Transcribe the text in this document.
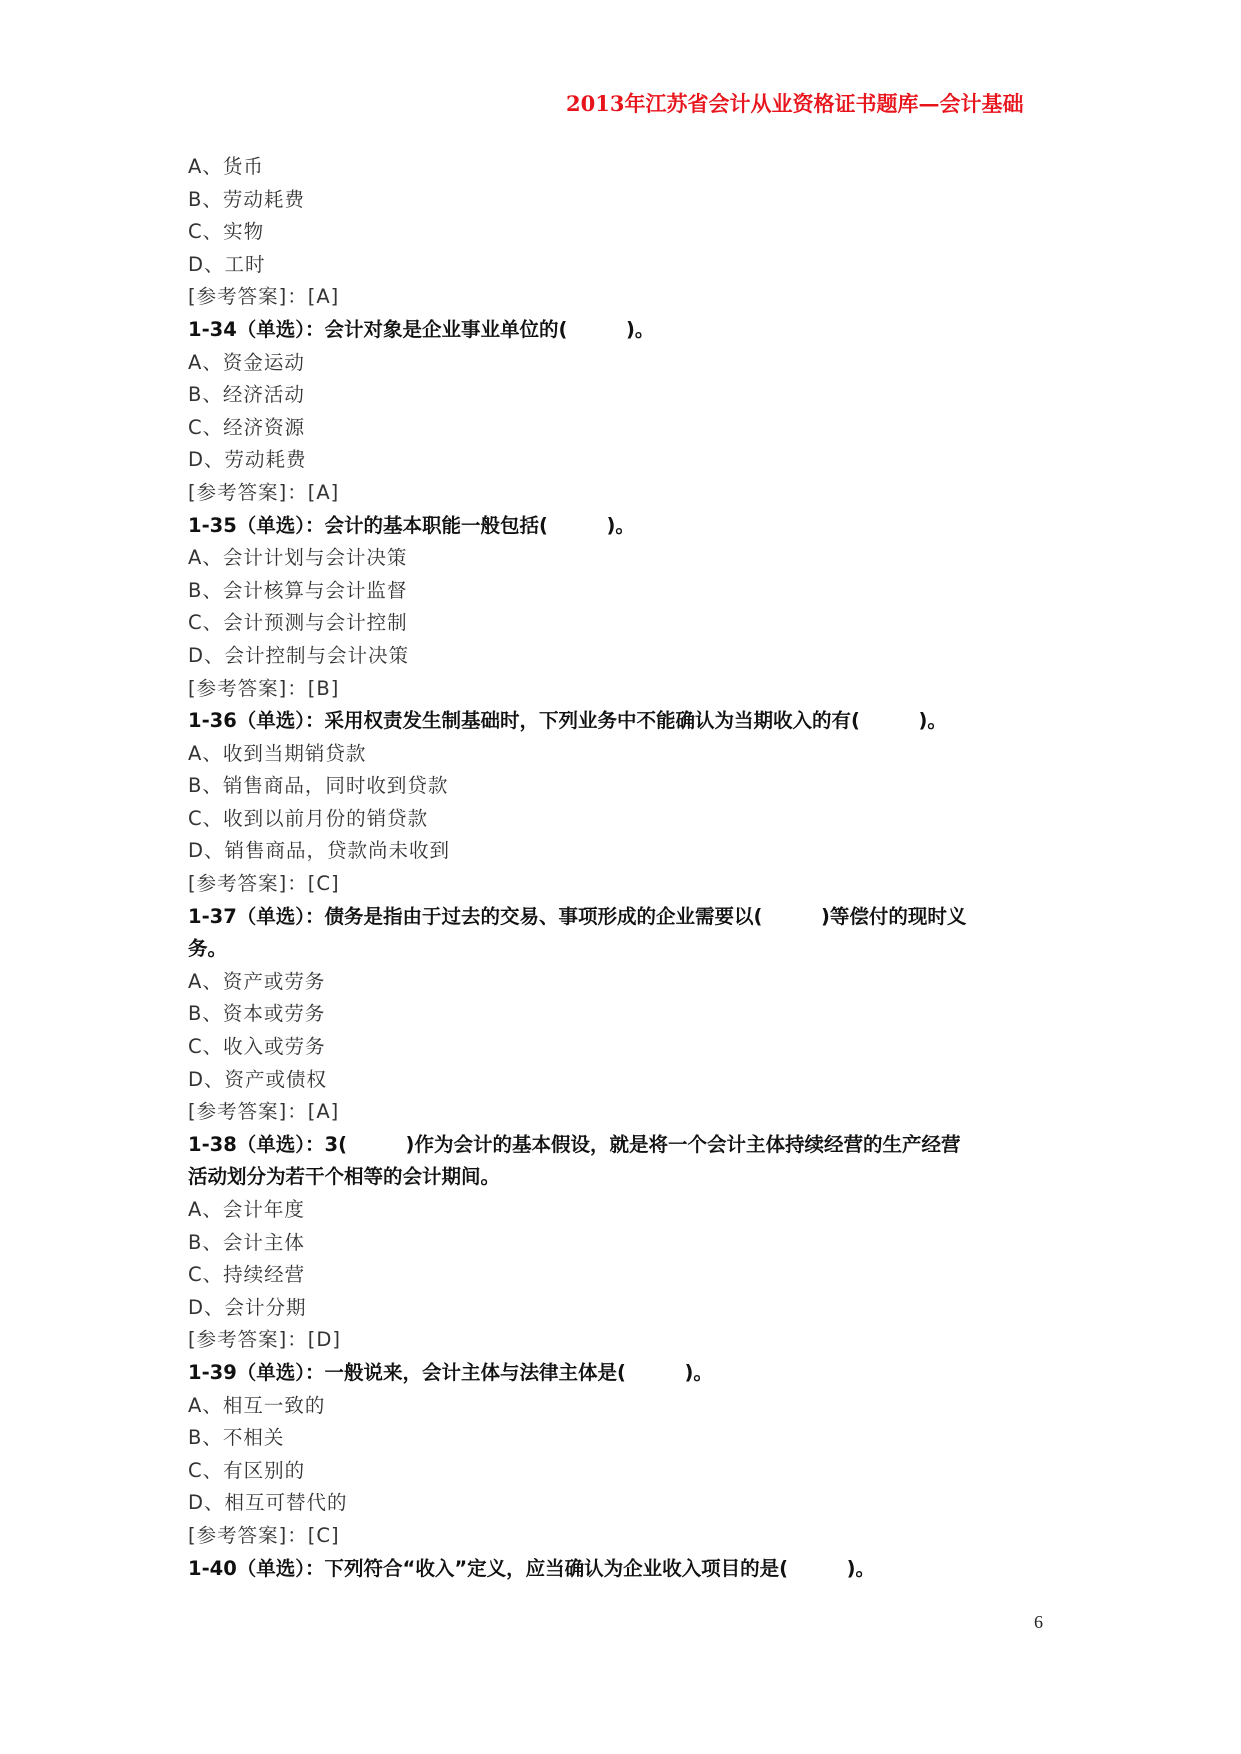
2013年江苏省会计从业资格证书题库—会计基础
A、货币
B、劳动耗费
C、实物
D、工时
[参考答案]：[A]
1-34（单选）：会计对象是企业事业单位的(　　　)。
A、资金运动
B、经济活动
C、经济资源
D、劳动耗费
[参考答案]：[A]
1-35（单选）：会计的基本职能一般包括(　　　)。
A、会计计划与会计决策
B、会计核算与会计监督
C、会计预测与会计控制
D、会计控制与会计决策
[参考答案]：[B]
1-36（单选）：采用权责发生制基础时，下列业务中不能确认为当期收入的有(　　　)。
A、收到当期销贷款
B、销售商品，同时收到贷款
C、收到以前月份的销贷款
D、销售商品，贷款尚未收到
[参考答案]：[C]
1-37（单选）：债务是指由于过去的交易、事项形成的企业需要以(　　　)等偿付的现时义
务。
A、资产或劳务
B、资本或劳务
C、收入或劳务
D、资产或债权
[参考答案]：[A]
1-38（单选）：3(　　　)作为会计的基本假设，就是将一个会计主体持续经营的生产经营
活动划分为若干个相等的会计期间。
A、会计年度
B、会计主体
C、持续经营
D、会计分期
[参考答案]：[D]
1-39（单选）：一般说来，会计主体与法律主体是(　　　)。
A、相互一致的
B、不相关
C、有区别的
D、相互可替代的
[参考答案]：[C]
1-40（单选）：下列符合“收入”定义，应当确认为企业收入项目的是(　　　)。
6
